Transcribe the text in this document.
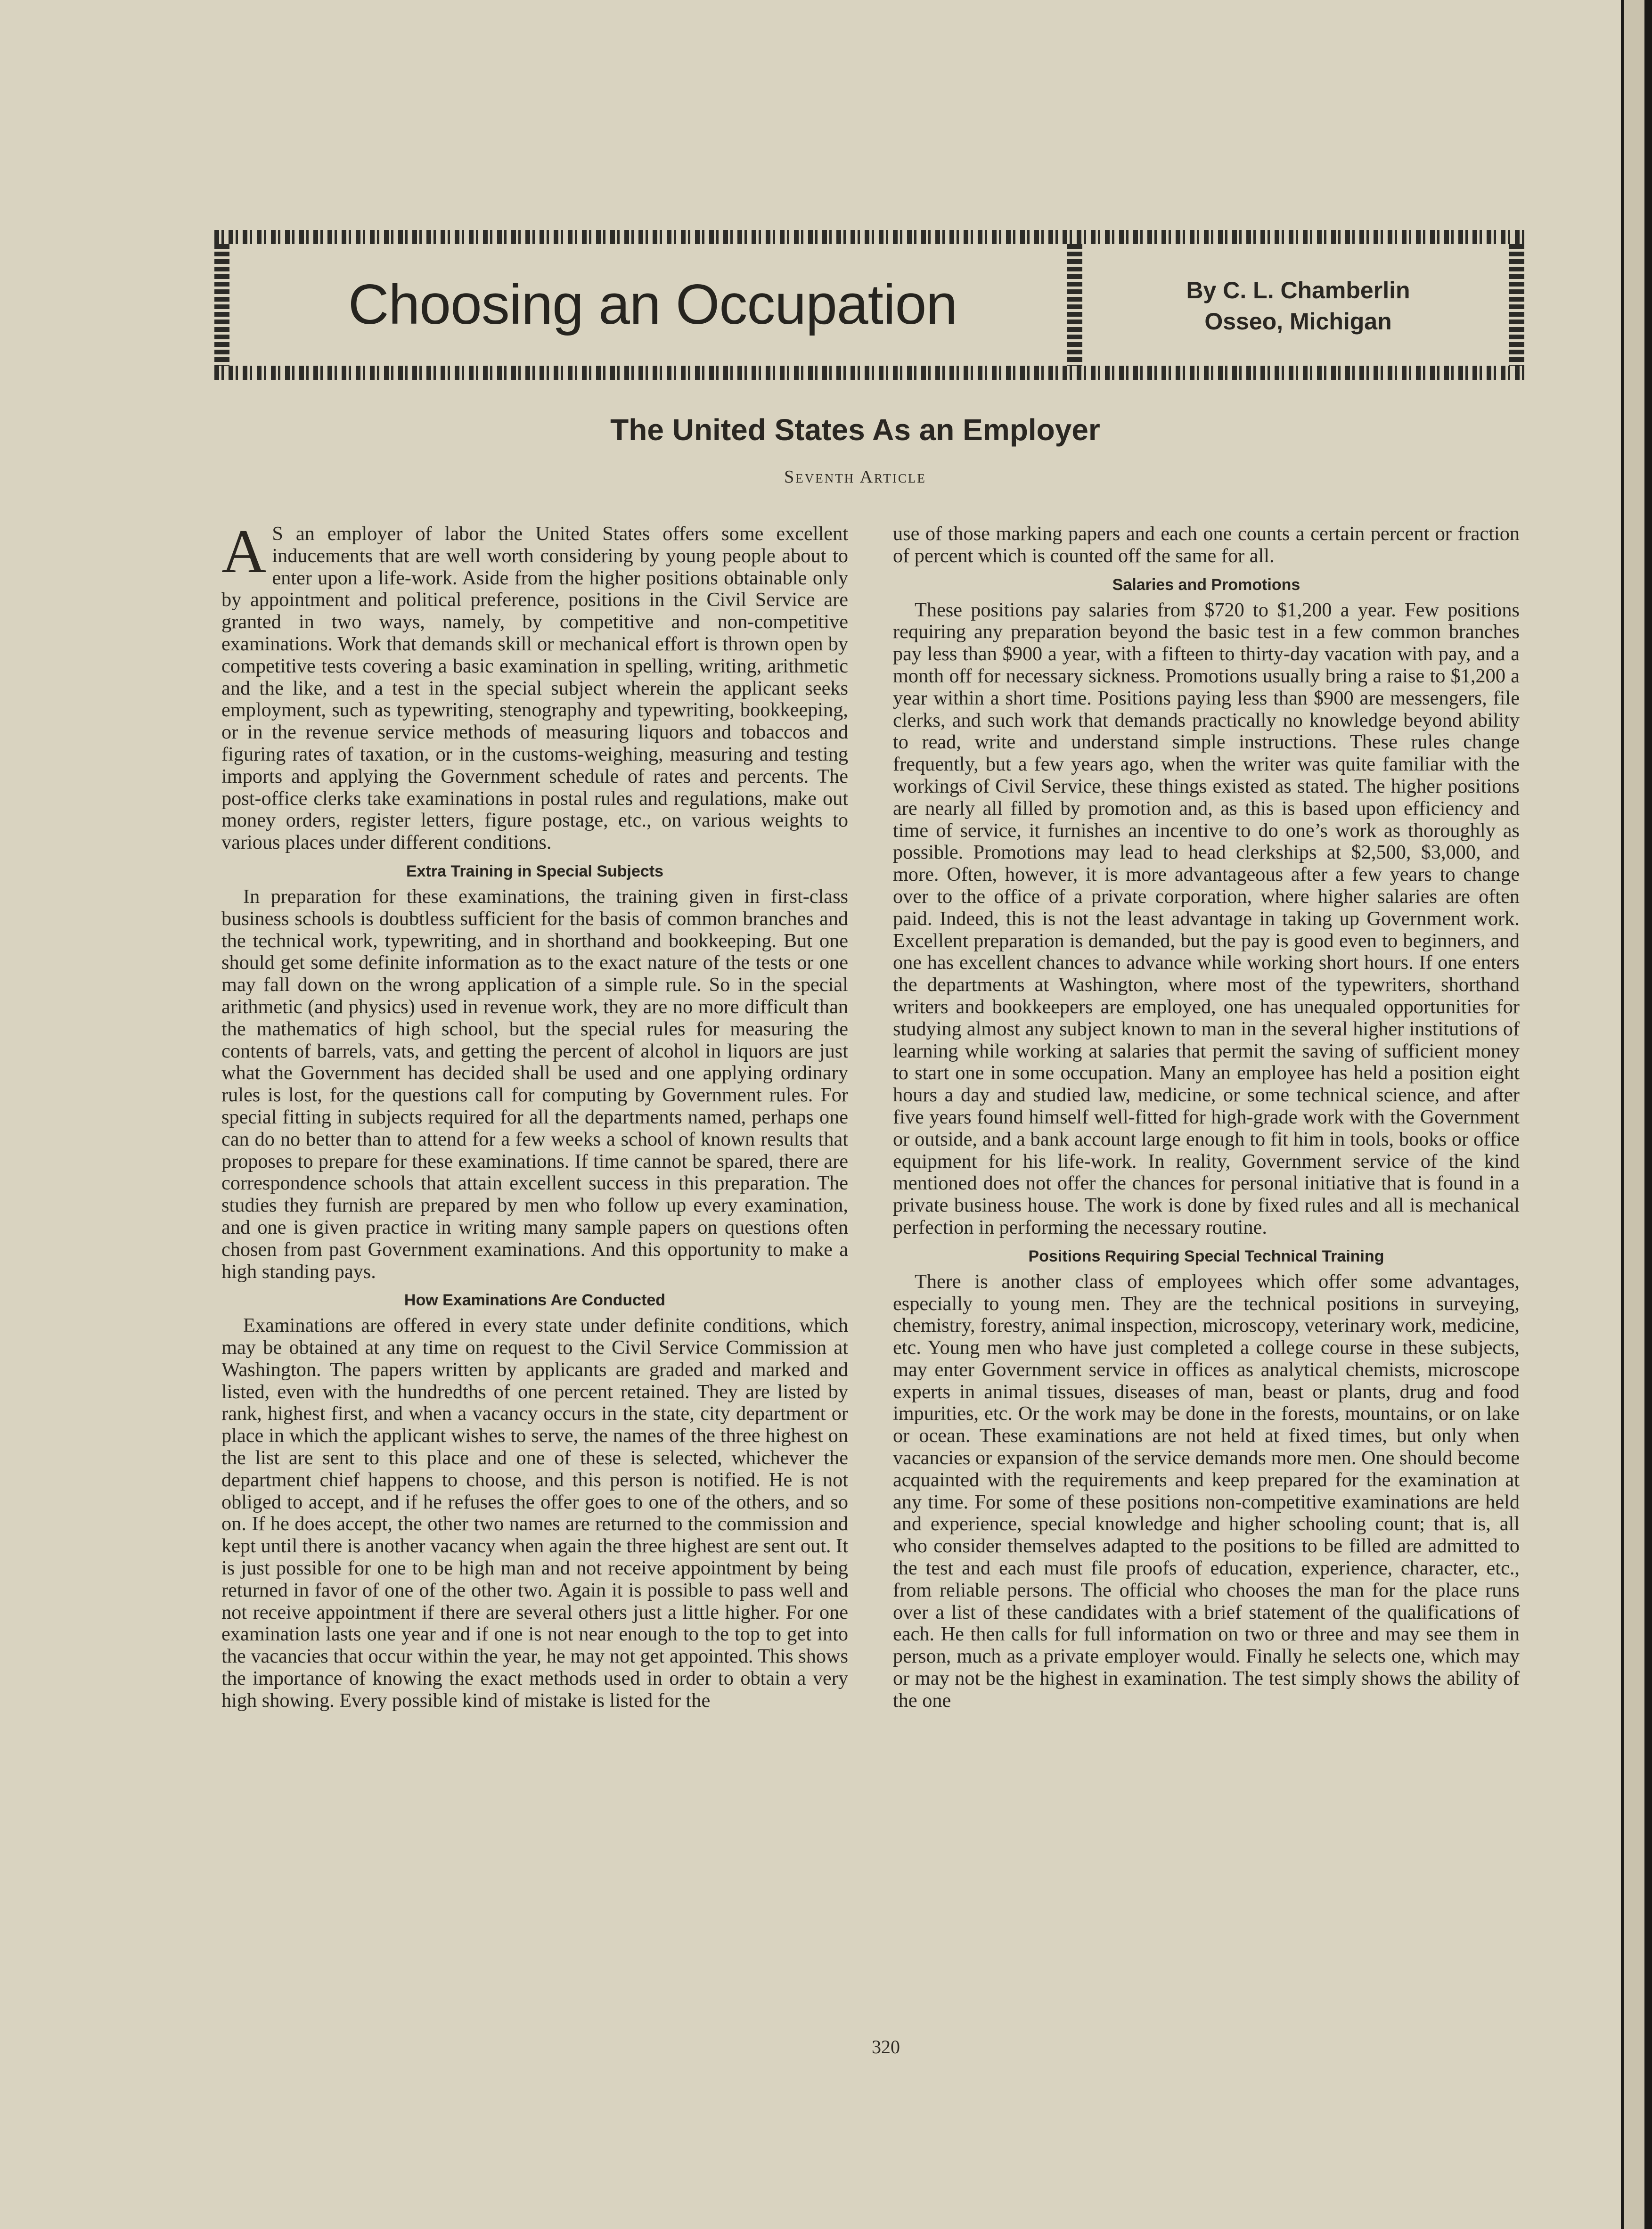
Choosing an Occupation	By C. L. Chamberlin
Osseo, Michigan
The United States As an Employer
Seventh Article

A S an employer of labor the United States offers some excellent inducements that are well worth considering by young people about to enter upon a life-work. Aside from the higher positions obtainable only by appointment and political preference, positions in the Civil Service are granted in two ways, namely, by competitive and non-competitive examinations. Work that demands skill or mechanical effort is thrown open by competitive tests covering a basic examination in spelling, writing, arithmetic and the like, and a test in the special subject wherein the applicant seeks employment, such as typewriting, stenography and typewriting, bookkeeping, or in the revenue service methods of measuring liquors and tobaccos and figuring rates of taxation, or in the customs-weighing, measuring and testing imports and applying the Government schedule of rates and percents. The post-office clerks take examinations in postal rules and regulations, make out money orders, register letters, figure postage, etc., on various weights to various places under different conditions.

Extra Training in Special Subjects

In preparation for these examinations, the training given in first-class business schools is doubtless sufficient for the basis of common branches and the technical work, typewriting, and in shorthand and bookkeeping. But one should get some definite information as to the exact nature of the tests or one may fall down on the wrong application of a simple rule. So in the special arithmetic (and physics) used in revenue work, they are no more difficult than the mathematics of high school, but the special rules for measuring the contents of barrels, vats, and getting the percent of alcohol in liquors are just what the Government has decided shall be used and one applying ordinary rules is lost, for the questions call for computing by Government rules. For special fitting in subjects required for all the departments named, perhaps one can do no better than to attend for a few weeks a school of known results that proposes to prepare for these examinations. If time cannot be spared, there are correspondence schools that attain excellent success in this preparation. The studies they furnish are prepared by men who follow up every examination, and one is given practice in writing many sample papers on questions often chosen from past Government examinations. And this opportunity to make a high standing pays.

How Examinations Are Conducted

Examinations are offered in every state under definite conditions, which may be obtained at any time on request to the Civil Service Commission at Washington. The papers written by applicants are graded and marked and listed, even with the hundredths of one percent retained. They are listed by rank, highest first, and when a vacancy occurs in the state, city department or place in which the applicant wishes to serve, the names of the three highest on the list are sent to this place and one of these is selected, whichever the department chief happens to choose, and this person is notified. He is not obliged to accept, and if he refuses the offer goes to one of the others, and so on. If he does accept, the other two names are returned to the commission and kept until there is another vacancy when again the three highest are sent out. It is just possible for one to be high man and not receive appointment by being returned in favor of one of the other two. Again it is possible to pass well and not receive appointment if there are several others just a little higher. For one examination lasts one year and if one is not near enough to the top to get into the vacancies that occur within the year, he may not get appointed. This shows the importance of knowing the exact methods used in order to obtain a very high showing. Every possible kind of mistake is listed for the

use of those marking papers and each one counts a certain percent or fraction of percent which is counted off the same for all.

Salaries and Promotions

These positions pay salaries from $720 to $1,200 a year. Few positions requiring any preparation beyond the basic test in a few common branches pay less than $900 a year, with a fifteen to thirty-day vacation with pay, and a month off for necessary sickness. Promotions usually bring a raise to $1,200 a year within a short time. Positions paying less than $900 are messengers, file clerks, and such work that demands practically no knowledge beyond ability to read, write and understand simple instructions. These rules change frequently, but a few years ago, when the writer was quite familiar with the workings of Civil Service, these things existed as stated. The higher positions are nearly all filled by promotion and, as this is based upon efficiency and time of service, it furnishes an incentive to do one’s work as thoroughly as possible. Promotions may lead to head clerkships at $2,500, $3,000, and more. Often, however, it is more advantageous after a few years to change over to the office of a private corporation, where higher salaries are often paid. Indeed, this is not the least advantage in taking up Government work. Excellent preparation is demanded, but the pay is good even to beginners, and one has excellent chances to advance while working short hours. If one enters the departments at Washington, where most of the typewriters, shorthand writers and bookkeepers are employed, one has unequaled opportunities for studying almost any subject known to man in the several higher institutions of learning while working at salaries that permit the saving of sufficient money to start one in some occupation. Many an employee has held a position eight hours a day and studied law, medicine, or some technical science, and after five years found himself well-fitted for high-grade work with the Government or outside, and a bank account large enough to fit him in tools, books or office equipment for his life-work. In reality, Government service of the kind mentioned does not offer the chances for personal initiative that is found in a private business house. The work is done by fixed rules and all is mechanical perfection in performing the necessary routine.

Positions Requiring Special Technical Training

There is another class of employees which offer some advantages, especially to young men. They are the technical positions in surveying, chemistry, forestry, animal inspection, microscopy, veterinary work, medicine, etc. Young men who have just completed a college course in these subjects, may enter Government service in offices as analytical chemists, microscope experts in animal tissues, diseases of man, beast or plants, drug and food impurities, etc. Or the work may be done in the forests, mountains, or on lake or ocean. These examinations are not held at fixed times, but only when vacancies or expansion of the service demands more men. One should become acquainted with the requirements and keep prepared for the examination at any time. For some of these positions non-competitive examinations are held and experience, special knowledge and higher schooling count; that is, all who consider themselves adapted to the positions to be filled are admitted to the test and each must file proofs of education, experience, character, etc., from reliable persons. The official who chooses the man for the place runs over a list of these candidates with a brief statement of the qualifications of each. He then calls for full information on two or three and may see them in person, much as a private employer would. Finally he selects one, which may or may not be the highest in examination. The test simply shows the ability of the one

320
